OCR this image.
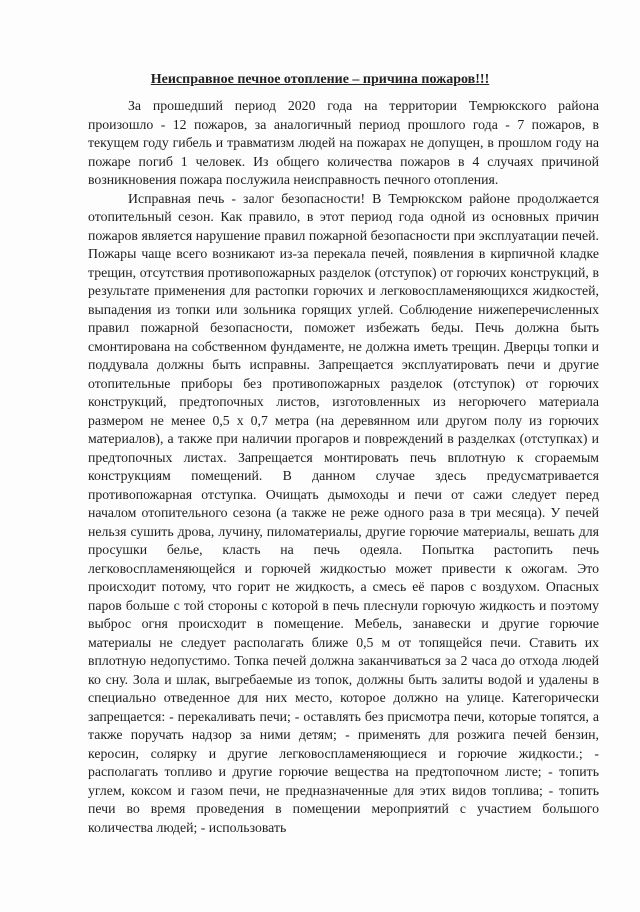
Неисправное печное отопление – причина пожаров!!!

За прошедший период 2020 года на территории Темрюкского района произошло - 12 пожаров, за аналогичный период прошлого года - 7 пожаров, в текущем году гибель и травматизм людей на пожарах не допущен, в прошлом году на пожаре погиб 1 человек. Из общего количества пожаров в 4 случаях причиной возникновения пожара послужила неисправность печного отопления.

Исправная печь - залог безопасности! В Темрюкском районе продолжается отопительный сезон. Как правило, в этот период года одной из основных причин пожаров является нарушение правил пожарной безопасности при эксплуатации печей. Пожары чаще всего возникают из-за перекала печей, появления в кирпичной кладке трещин, отсутствия противопожарных разделок (отступок) от горючих конструкций, в результате применения для растопки горючих и легковоспламеняющихся жидкостей, выпадения из топки или зольника горящих углей. Соблюдение нижеперечисленных правил пожарной безопасности, поможет избежать беды. Печь должна быть смонтирована на собственном фундаменте, не должна иметь трещин. Дверцы топки и поддувала должны быть исправны. Запрещается эксплуатировать печи и другие отопительные приборы без противопожарных разделок (отступок) от горючих конструкций, предтопочных листов, изготовленных из негорючего материала размером не менее 0,5 х 0,7 метра (на деревянном или другом полу из горючих материалов), а также при наличии прогаров и повреждений в разделках (отступках) и предтопочных листах. Запрещается монтировать печь вплотную к сгораемым конструкциям помещений. В данном случае здесь предусматривается противопожарная отступка. Очищать дымоходы и печи от сажи следует перед началом отопительного сезона (а также не реже одного раза в три месяца). У печей нельзя сушить дрова, лучину, пиломатериалы, другие горючие материалы, вешать для просушки белье, класть на печь одеяла. Попытка растопить печь легковоспламеняющейся и горючей жидкостью может привести к ожогам. Это происходит потому, что горит не жидкость, а смесь её паров с воздухом. Опасных паров больше с той стороны с которой в печь плеснули горючую жидкость и поэтому выброс огня происходит в помещение. Мебель, занавески и другие горючие материалы не следует располагать ближе 0,5 м от топящейся печи. Ставить их вплотную недопустимо. Топка печей должна заканчиваться за 2 часа до отхода людей ко сну. Зола и шлак, выгребаемые из топок, должны быть залиты водой и удалены в специально отведенное для них место, которое должно на улице. Категорически запрещается: - перекаливать печи; - оставлять без присмотра печи, которые топятся, а также поручать надзор за ними детям; - применять для розжига печей бензин, керосин, солярку и другие легковоспламеняющиеся и горючие жидкости.; - располагать топливо и другие горючие вещества на предтопочном листе; - топить углем, коксом и газом печи, не предназначенные для этих видов топлива; - топить печи во время проведения в помещении мероприятий с участием большого количества людей; - использовать
